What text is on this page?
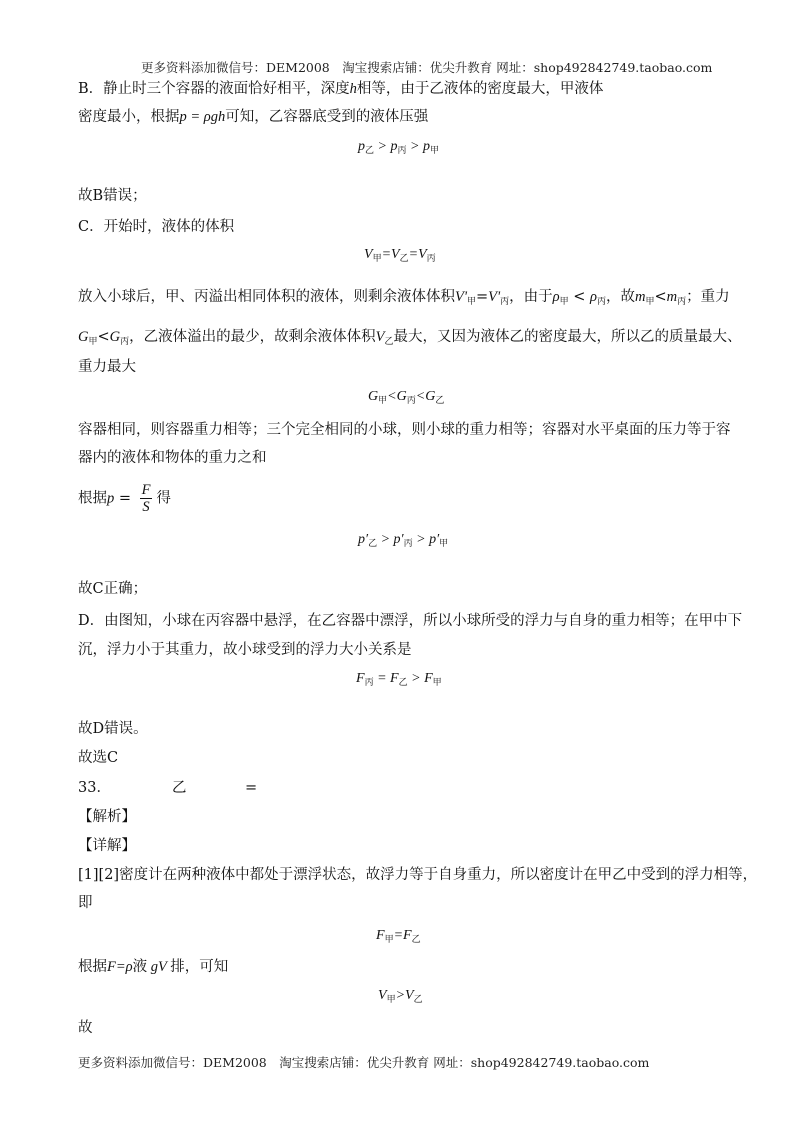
更多资料添加微信号：DEM2008　淘宝搜索店铺：优尖升教育 网址：shop492842749.taobao.com
B．静止时三个容器的液面恰好相平，深度h相等，由于乙液体的密度最大，甲液体
密度最小，根据p = ρgh可知，乙容器底受到的液体压强
$p_乙 > p_丙 > p_甲$
故B错误；
C．开始时，液体的体积
$V_甲=V_乙=V_丙$
放入小球后，甲、丙溢出相同体积的液体，则剩余液体体积$V'_甲=V'_丙$，由于$\rho_甲 < \rho_丙$，故$m_甲<m_丙$；重力
$G_甲<G_丙$，乙液体溢出的最少，故剩余液体体积$V_乙$最大，又因为液体乙的密度最大，所以乙的质量最大、
重力最大
$G_甲<G_丙<G_乙$
容器相同，则容器重力相等；三个完全相同的小球，则小球的重力相等；容器对水平桌面的压力等于容
器内的液体和物体的重力之和
根据$p = \frac{F}{S}$ 得
$p'_乙 > p'_丙 > p'_甲$
故C正确；
D．由图知，小球在丙容器中悬浮，在乙容器中漂浮，所以小球所受的浮力与自身的重力相等；在甲中下
沉，浮力小于其重力，故小球受到的浮力大小关系是
$F_丙 = F_乙 > F_甲$
故D错误。
故选C
33．	乙	=
【解析】
【详解】
[1][2]密度计在两种液体中都处于漂浮状态，故浮力等于自身重力，所以密度计在甲乙中受到的浮力相等，
即
$F_甲=F_乙$
根据F=ρ液 gV 排，可知
$V_甲>V_乙$
故
更多资料添加微信号：DEM2008　淘宝搜索店铺：优尖升教育 网址：shop492842749.taobao.com
